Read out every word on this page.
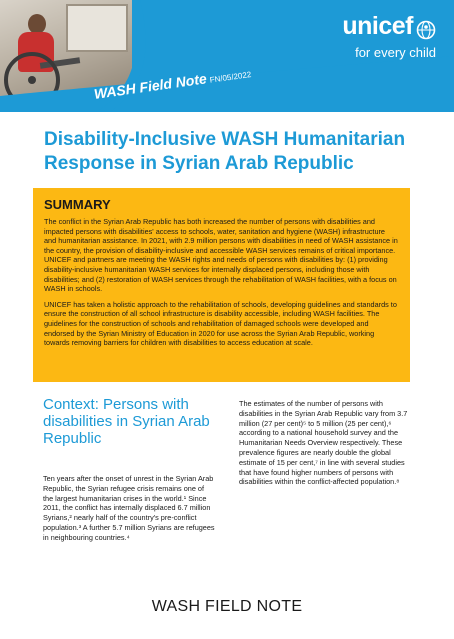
unicef
for every child
WASH Field Note FN/05/2022
Disability-Inclusive WASH Humanitarian Response in Syrian Arab Republic
SUMMARY

The conflict in the Syrian Arab Republic has both increased the number of persons with disabilities and impacted persons with disabilities' access to schools, water, sanitation and hygiene (WASH) infrastructure and humanitarian assistance. In 2021, with 2.9 million persons with disabilities in need of WASH assistance in the country, the provision of disability-inclusive and accessible WASH services remains of critical importance. UNICEF and partners are meeting the WASH rights and needs of persons with disabilities by: (1) providing disability-inclusive humanitarian WASH services for internally displaced persons, including those with disabilities; and (2) restoration of WASH services through the rehabilitation of WASH facilities, with a focus on WASH in schools.

UNICEF has taken a holistic approach to the rehabilitation of schools, developing guidelines and standards to ensure the construction of all school infrastructure is disability accessible, including WASH facilities. The guidelines for the construction of schools and rehabilitation of damaged schools were developed and endorsed by the Syrian Ministry of Education in 2020 for use across the Syrian Arab Republic, working towards removing barriers for children with disabilities to access education at scale.

Context: Persons with disabilities in Syrian Arab Republic

Ten years after the onset of unrest in the Syrian Arab Republic, the Syrian refugee crisis remains one of the largest humanitarian crises in the world.¹ Since 2011, the conflict has internally displaced 6.7 million Syrians,² nearly half of the country's pre-conflict population.³ A further 5.7 million Syrians are refugees in neighbouring countries.⁴

The estimates of the number of persons with disabilities in the Syrian Arab Republic vary from 3.7 million (27 per cent)⁵ to 5 million (25 per cent),⁶ according to a national household survey and the Humanitarian Needs Overview respectively. These prevalence figures are nearly double the global estimate of 15 per cent,⁷ in line with several studies that have found higher numbers of persons with disabilities within the conflict-affected population.⁸

WASH FIELD NOTE
